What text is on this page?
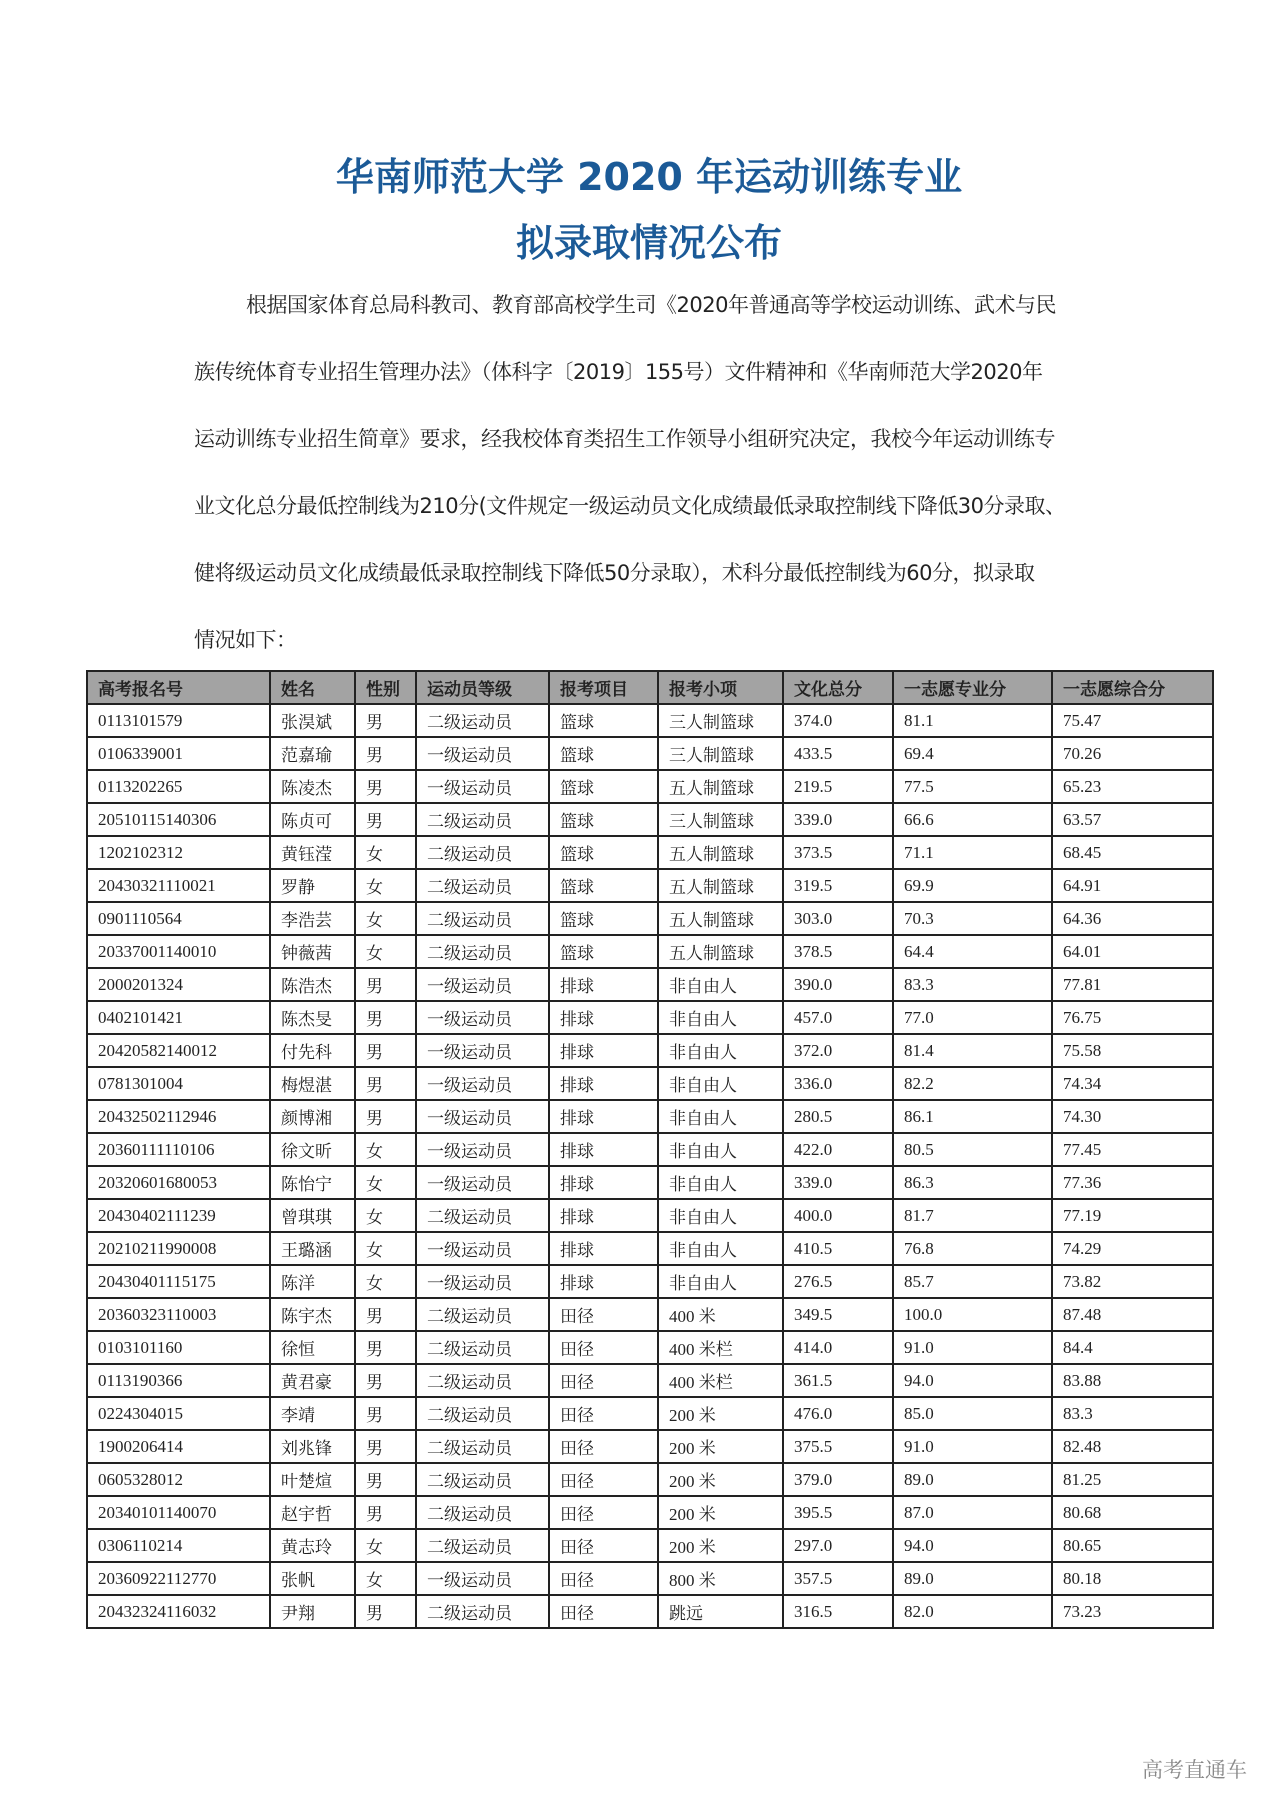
华南师范大学 2020 年运动训练专业
拟录取情况公布
根据国家体育总局科教司、教育部高校学生司《2020年普通高等学校运动训练、武术与民
族传统体育专业招生管理办法》（体科字〔2019〕155号）文件精神和《华南师范大学2020年
运动训练专业招生简章》要求，经我校体育类招生工作领导小组研究决定，我校今年运动训练专
业文化总分最低控制线为210分(文件规定一级运动员文化成绩最低录取控制线下降低30分录取、
健将级运动员文化成绩最低录取控制线下降低50分录取），术科分最低控制线为60分，拟录取
情况如下：
高考报名号	姓名	性别	运动员等级	报考项目	报考小项	文化总分	一志愿专业分	一志愿综合分
0113101579	张淏斌	男	二级运动员	篮球	三人制篮球	374.0	81.1	75.47
0106339001	范嘉瑜	男	一级运动员	篮球	三人制篮球	433.5	69.4	70.26
0113202265	陈凌杰	男	一级运动员	篮球	五人制篮球	219.5	77.5	65.23
20510115140306	陈贞可	男	二级运动员	篮球	三人制篮球	339.0	66.6	63.57
1202102312	黄钰滢	女	二级运动员	篮球	五人制篮球	373.5	71.1	68.45
20430321110021	罗静	女	二级运动员	篮球	五人制篮球	319.5	69.9	64.91
0901110564	李浩芸	女	二级运动员	篮球	五人制篮球	303.0	70.3	64.36
20337001140010	钟薇茜	女	二级运动员	篮球	五人制篮球	378.5	64.4	64.01
2000201324	陈浩杰	男	一级运动员	排球	非自由人	390.0	83.3	77.81
0402101421	陈杰旻	男	一级运动员	排球	非自由人	457.0	77.0	76.75
20420582140012	付先科	男	一级运动员	排球	非自由人	372.0	81.4	75.58
0781301004	梅煜湛	男	一级运动员	排球	非自由人	336.0	82.2	74.34
20432502112946	颜博湘	男	一级运动员	排球	非自由人	280.5	86.1	74.30
20360111110106	徐文昕	女	一级运动员	排球	非自由人	422.0	80.5	77.45
20320601680053	陈怡宁	女	一级运动员	排球	非自由人	339.0	86.3	77.36
20430402111239	曾琪琪	女	二级运动员	排球	非自由人	400.0	81.7	77.19
20210211990008	王璐涵	女	一级运动员	排球	非自由人	410.5	76.8	74.29
20430401115175	陈洋	女	一级运动员	排球	非自由人	276.5	85.7	73.82
20360323110003	陈宇杰	男	二级运动员	田径	400 米	349.5	100.0	87.48
0103101160	徐恒	男	二级运动员	田径	400 米栏	414.0	91.0	84.4
0113190366	黄君豪	男	二级运动员	田径	400 米栏	361.5	94.0	83.88
0224304015	李靖	男	二级运动员	田径	200 米	476.0	85.0	83.3
1900206414	刘兆锋	男	二级运动员	田径	200 米	375.5	91.0	82.48
0605328012	叶楚煊	男	二级运动员	田径	200 米	379.0	89.0	81.25
20340101140070	赵宇哲	男	二级运动员	田径	200 米	395.5	87.0	80.68
0306110214	黄志玲	女	二级运动员	田径	200 米	297.0	94.0	80.65
20360922112770	张帆	女	一级运动员	田径	800 米	357.5	89.0	80.18
20432324116032	尹翔	男	二级运动员	田径	跳远	316.5	82.0	73.23
高考直通车
